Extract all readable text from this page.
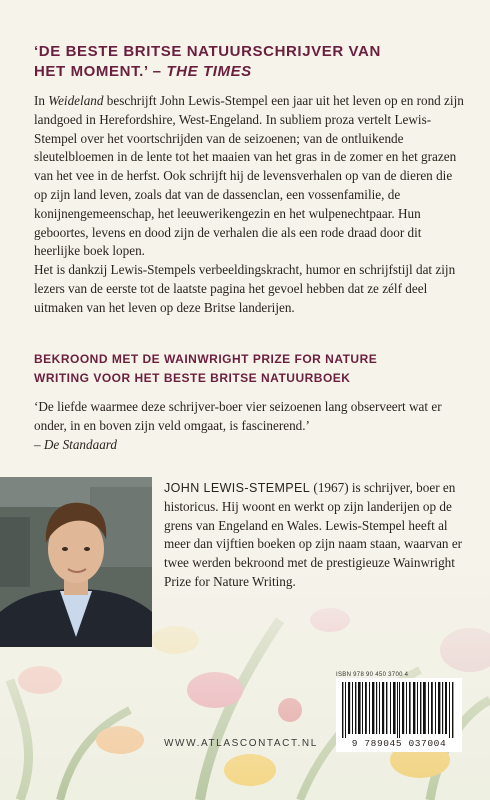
‘DE BESTE BRITSE NATUURSCHRIJVER VAN
HET MOMENT.’ – THE TIMES

In Weideland beschrijft John Lewis-Stempel een jaar uit het leven op en rond zijn landgoed in Herefordshire, West-Engeland. In subliem proza vertelt Lewis-Stempel over het voortschrijden van de seizoenen; van de ontluikende sleutelbloemen in de lente tot het maaien van het gras in de zomer en het grazen van het vee in de herfst. Ook schrijft hij de levensverhalen op van de dieren die op zijn land leven, zoals dat van de dassenclan, een vossenfamilie, de konijnengemeenschap, het leeuwerikengezin en het wulpenechtpaar. Hun geboortes, levens en dood zijn de verhalen die als een rode draad door dit heerlijke boek lopen.

Het is dankzij Lewis-Stempels verbeeldingskracht, humor en schrijfstijl dat zijn lezers van de eerste tot de laatste pagina het gevoel hebben dat ze zélf deel uitmaken van het leven op deze Britse landerijen.

BEKROOND MET DE WAINWRIGHT PRIZE FOR NATURE
WRITING VOOR HET BESTE BRITSE NATUURBOEK
‘De liefde waarmee deze schrijver-boer vier seizoenen lang observeert wat er onder, in en boven zijn veld omgaat, is fascinerend.’
– De Standaard
JOHN LEWIS-STEMPEL (1967) is schrijver, boer en historicus. Hij woont en werkt op zijn landerijen op de grens van Engeland en Wales. Lewis-Stempel heeft al meer dan vijftien boeken op zijn naam staan, waarvan er twee werden bekroond met de prestigieuze Wainwright Prize for Nature Writing.
ISBN 978 90 450 3700 4
9 789045 037004
WWW.ATLASCONTACT.NL
